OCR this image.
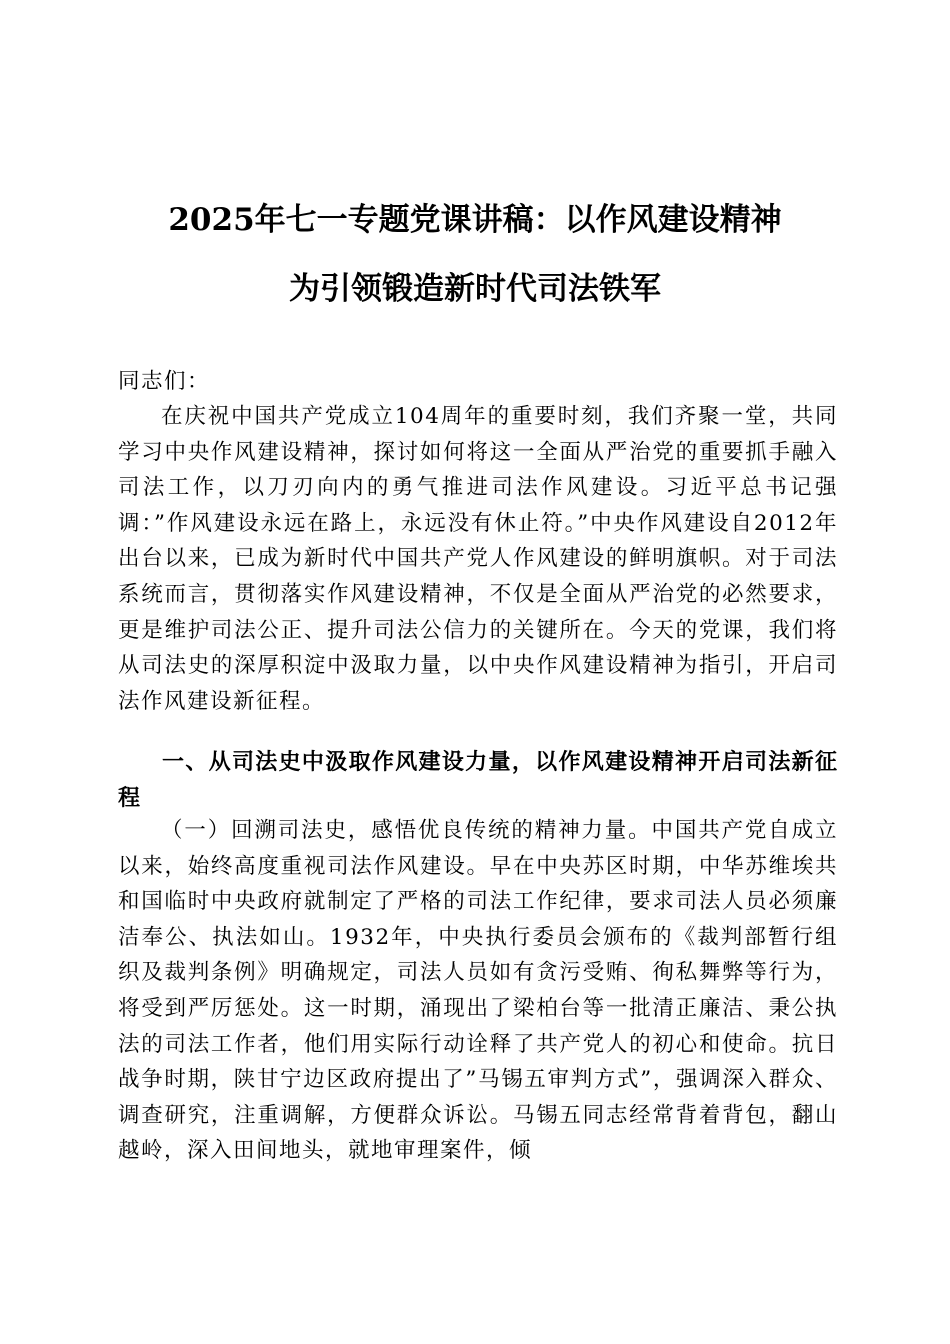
2025年七一专题党课讲稿：以作风建设精神
为引领锻造新时代司法铁军
同志们：

在庆祝中国共产党成立104周年的重要时刻，我们齐聚一堂，共同学习中央作风建设精神，探讨如何将这一全面从严治党的重要抓手融入司法工作，以刀刃向内的勇气推进司法作风建设。习近平总书记强调：”作风建设永远在路上，永远没有休止符。”中央作风建设自2012年出台以来，已成为新时代中国共产党人作风建设的鲜明旗帜。对于司法系统而言，贯彻落实作风建设精神，不仅是全面从严治党的必然要求，更是维护司法公正、提升司法公信力的关键所在。今天的党课，我们将从司法史的深厚积淀中汲取力量，以中央作风建设精神为指引，开启司法作风建设新征程。

一、从司法史中汲取作风建设力量，以作风建设精神开启司法新征程

（一）回溯司法史，感悟优良传统的精神力量。中国共产党自成立以来，始终高度重视司法作风建设。早在中央苏区时期，中华苏维埃共和国临时中央政府就制定了严格的司法工作纪律，要求司法人员必须廉洁奉公、执法如山。1932年，中央执行委员会颁布的《裁判部暂行组织及裁判条例》明确规定，司法人员如有贪污受贿、徇私舞弊等行为，将受到严厉惩处。这一时期，涌现出了梁柏台等一批清正廉洁、秉公执法的司法工作者，他们用实际行动诠释了共产党人的初心和使命。抗日战争时期，陕甘宁边区政府提出了”马锡五审判方式”，强调深入群众、调查研究，注重调解，方便群众诉讼。马锡五同志经常背着背包，翻山越岭，深入田间地头，就地审理案件，倾
